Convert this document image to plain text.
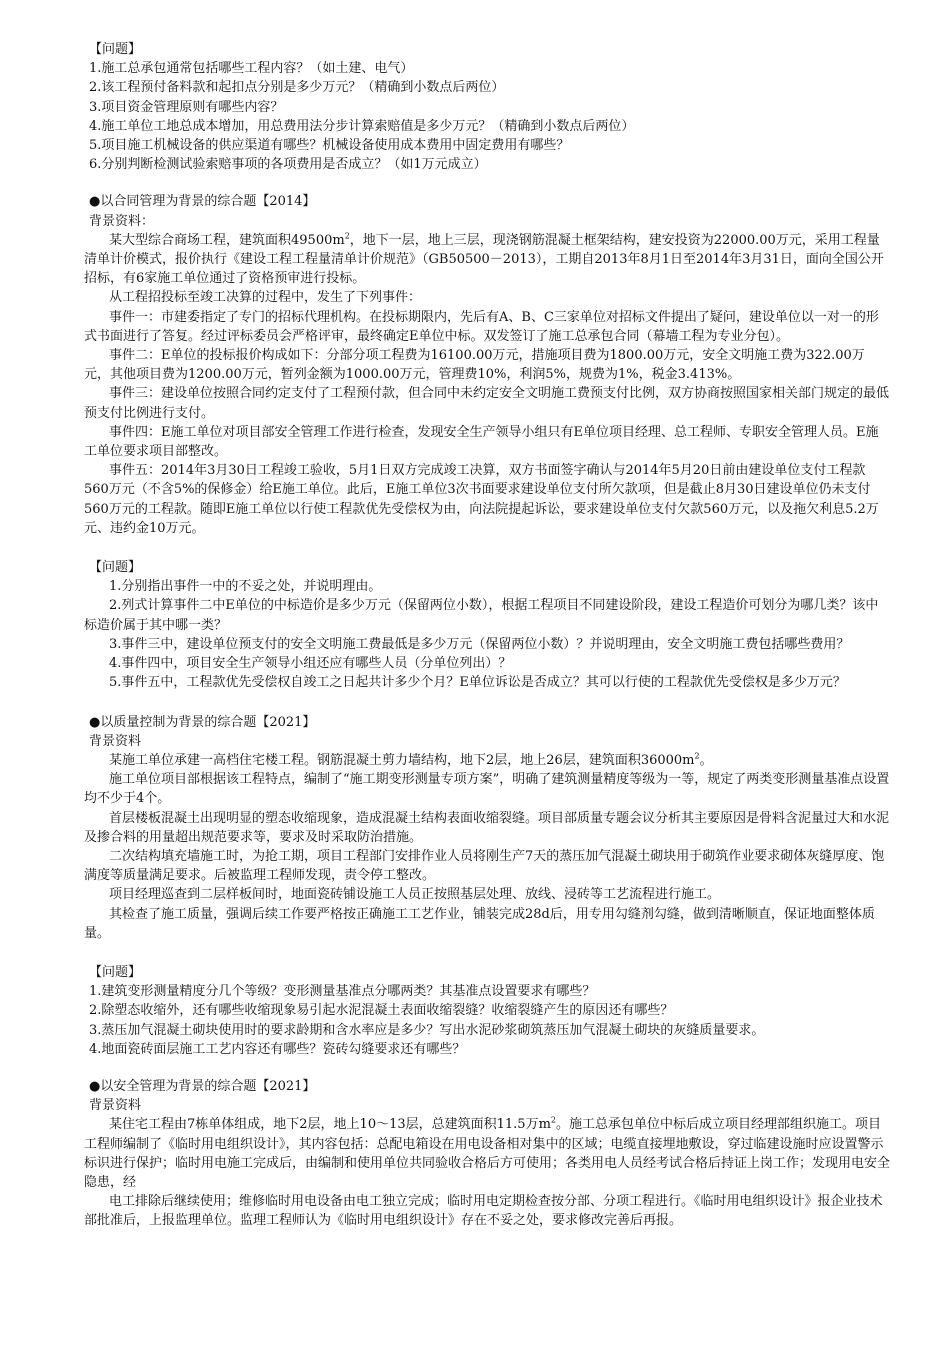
【问题】

1.施工总承包通常包括哪些工程内容？（如土建、电气）

2.该工程预付备料款和起扣点分别是多少万元？（精确到小数点后两位）

3.项目资金管理原则有哪些内容？

4.施工单位工地总成本增加，用总费用法分步计算索赔值是多少万元？（精确到小数点后两位）

5.项目施工机械设备的供应渠道有哪些？机械设备使用成本费用中固定费用有哪些？

6.分别判断检测试验索赔事项的各项费用是否成立？（如1万元成立）

●以合同管理为背景的综合题【2014】

背景资料：

某大型综合商场工程，建筑面积$49500m^2$，地下一层，地上三层，现浇钢筋混凝土框架结构，建安投资为22000.00万元，采用工程量清单计价模式，报价执行《建设工程工程量清单计价规范》（GB50500－2013），工期自2013年8月1日至2014年3月31日，面向全国公开招标，有6家施工单位通过了资格预审进行投标。

从工程招投标至竣工决算的过程中，发生了下列事件：

事件一：市建委指定了专门的招标代理机构。在投标期限内，先后有A、B、C三家单位对招标文件提出了疑问，建设单位以一对一的形式书面进行了答复。经过评标委员会严格评审，最终确定E单位中标。双发签订了施工总承包合同（幕墙工程为专业分包）。

事件二：E单位的投标报价构成如下：分部分项工程费为16100.00万元，措施项目费为1800.00万元，安全文明施工费为322.00万元，其他项目费为1200.00万元，暂列金额为1000.00万元，管理费10%，利润5%，规费为1%，税金3.413%。

事件三：建设单位按照合同约定支付了工程预付款，但合同中未约定安全文明施工费预支付比例，双方协商按照国家相关部门规定的最低预支付比例进行支付。

事件四：E施工单位对项目部安全管理工作进行检查，发现安全生产领导小组只有E单位项目经理、总工程师、专职安全管理人员。E施工单位要求项目部整改。

事件五：2014年3月30日工程竣工验收，5月1日双方完成竣工决算，双方书面签字确认与2014年5月20日前由建设单位支付工程款560万元（不含5%的保修金）给E施工单位。此后，E施工单位3次书面要求建设单位支付所欠款项，但是截止8月30日建设单位仍未支付560万元的工程款。随即E施工单位以行使工程款优先受偿权为由，向法院提起诉讼，要求建设单位支付欠款560万元，以及拖欠利息5.2万元、违约金10万元。

【问题】

1.分别指出事件一中的不妥之处，并说明理由。

2.列式计算事件二中E单位的中标造价是多少万元（保留两位小数），根据工程项目不同建设阶段，建设工程造价可划分为哪几类？该中标造价属于其中哪一类？

3.事件三中，建设单位预支付的安全文明施工费最低是多少万元（保留两位小数）？并说明理由，安全文明施工费包括哪些费用？

4.事件四中，项目安全生产领导小组还应有哪些人员（分单位列出）？

5.事件五中，工程款优先受偿权自竣工之日起共计多少个月？E单位诉讼是否成立？其可以行使的工程款优先受偿权是多少万元？

●以质量控制为背景的综合题【2021】

背景资料

某施工单位承建一高档住宅楼工程。钢筋混凝土剪力墙结构，地下2层，地上26层，建筑面积$36000m^2$。

施工单位项目部根据该工程特点，编制了“施工期变形测量专项方案”，明确了建筑测量精度等级为一等，规定了两类变形测量基准点设置均不少于4个。

首层楼板混凝土出现明显的塑态收缩现象，造成混凝土结构表面收缩裂缝。项目部质量专题会议分析其主要原因是骨料含泥量过大和水泥及掺合料的用量超出规范要求等，要求及时采取防治措施。

二次结构填充墙施工时，为抢工期，项目工程部门安排作业人员将刚生产7天的蒸压加气混凝土砌块用于砌筑作业要求砌体灰缝厚度、饱满度等质量满足要求。后被监理工程师发现，责令停工整改。

项目经理巡查到二层样板间时，地面瓷砖铺设施工人员正按照基层处理、放线、浸砖等工艺流程进行施工。

其检查了施工质量，强调后续工作要严格按正确施工工艺作业，铺装完成28d后，用专用勾缝剂勾缝，做到清晰顺直，保证地面整体质量。

【问题】

1.建筑变形测量精度分几个等级？变形测量基准点分哪两类？其基准点设置要求有哪些？

2.除塑态收缩外，还有哪些收缩现象易引起水泥混凝土表面收缩裂缝？收缩裂缝产生的原因还有哪些？

3.蒸压加气混凝土砌块使用时的要求龄期和含水率应是多少？写出水泥砂浆砌筑蒸压加气混凝土砌块的灰缝质量要求。

4.地面瓷砖面层施工工艺内容还有哪些？瓷砖勾缝要求还有哪些？

●以安全管理为背景的综合题【2021】

背景资料

某住宅工程由7栋单体组成，地下2层，地上10～13层，总建筑面积11.5万$m^2$。施工总承包单位中标后成立项目经理部组织施工。项目工程师编制了《临时用电组织设计》，其内容包括：总配电箱设在用电设备相对集中的区域；电缆直接埋地敷设，穿过临建设施时应设置警示标识进行保护；临时用电施工完成后，由编制和使用单位共同验收合格后方可使用；各类用电人员经考试合格后持证上岗工作；发现用电安全隐患，经

电工排除后继续使用；维修临时用电设备由电工独立完成；临时用电定期检查按分部、分项工程进行。《临时用电组织设计》报企业技术部批准后，上报监理单位。监理工程师认为《临时用电组织设计》存在不妥之处，要求修改完善后再报。
